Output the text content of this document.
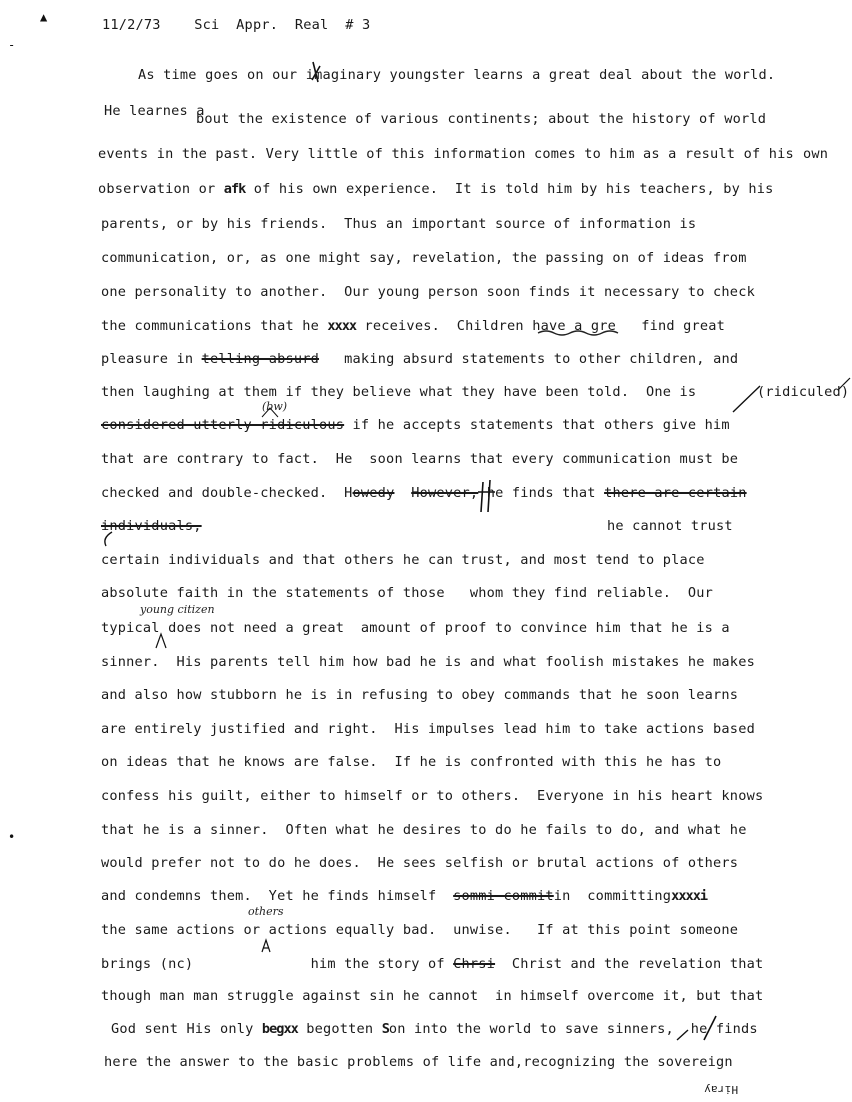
▲
-
•
11/2/73 Sci  Appr. Real # 3
As time goes on our imaginary youngster learns a great deal about the world.
He learnes a
bout the existence of various continents; about the history of world
events in the past. Very little of this information comes to him as a result of his own
observation or afk of his own experience.  It is told him by his teachers, by his
parents, or by his friends.  Thus an important source of information is
communication, or, as one might say, revelation, the passing on of ideas from
one personality to another.  Our young person soon finds it necessary to check
the communications that he xxxx receives.  Children have a gre   find great
pleasure in telling absurd   making absurd statements to other children, and
then laughing at them if they believe what they have been told.  One is	(ridiculed)
(bw)
considered utterly ridiculous if he accepts statements that others give him
that are contrary to fact.  He  soon learns that every communication must be
checked and double-checked.  Howedy However, he finds that there are certain
individuals,	he cannot trust
certain individuals and that others he can trust, and most tend to place
absolute faith in the statements of those   whom they find reliable.  Our
young citizen
typical does not need a great  amount of proof to convince him that he is a
sinner.  His parents tell him how bad he is and what foolish mistakes he makes
and also how stubborn he is in refusing to obey commands that he soon learns
are entirely justified and right.  His impulses lead him to take actions based
on ideas that he knows are false.  If he is confronted with this he has to
confess his guilt, either to himself or to others.  Everyone in his heart knows
that he is a sinner.  Often what he desires to do he fails to do, and what he
would prefer not to do he does.  He sees selfish or brutal actions of others
and condemns them.  Yet he finds himself  sommi commitin  committingxxxxi
others
the same actions or actions equally bad.  unwise.   If at this point someone
brings (nc)              him the story of Chrsi  Christ and the revelation that
though man man struggle against sin he cannot  in himself overcome it, but that
God sent His only begxx begotten Son into the world to save sinners,  he finds
here the answer to the basic problems of life and,recognizing the sovereign
Hiray
